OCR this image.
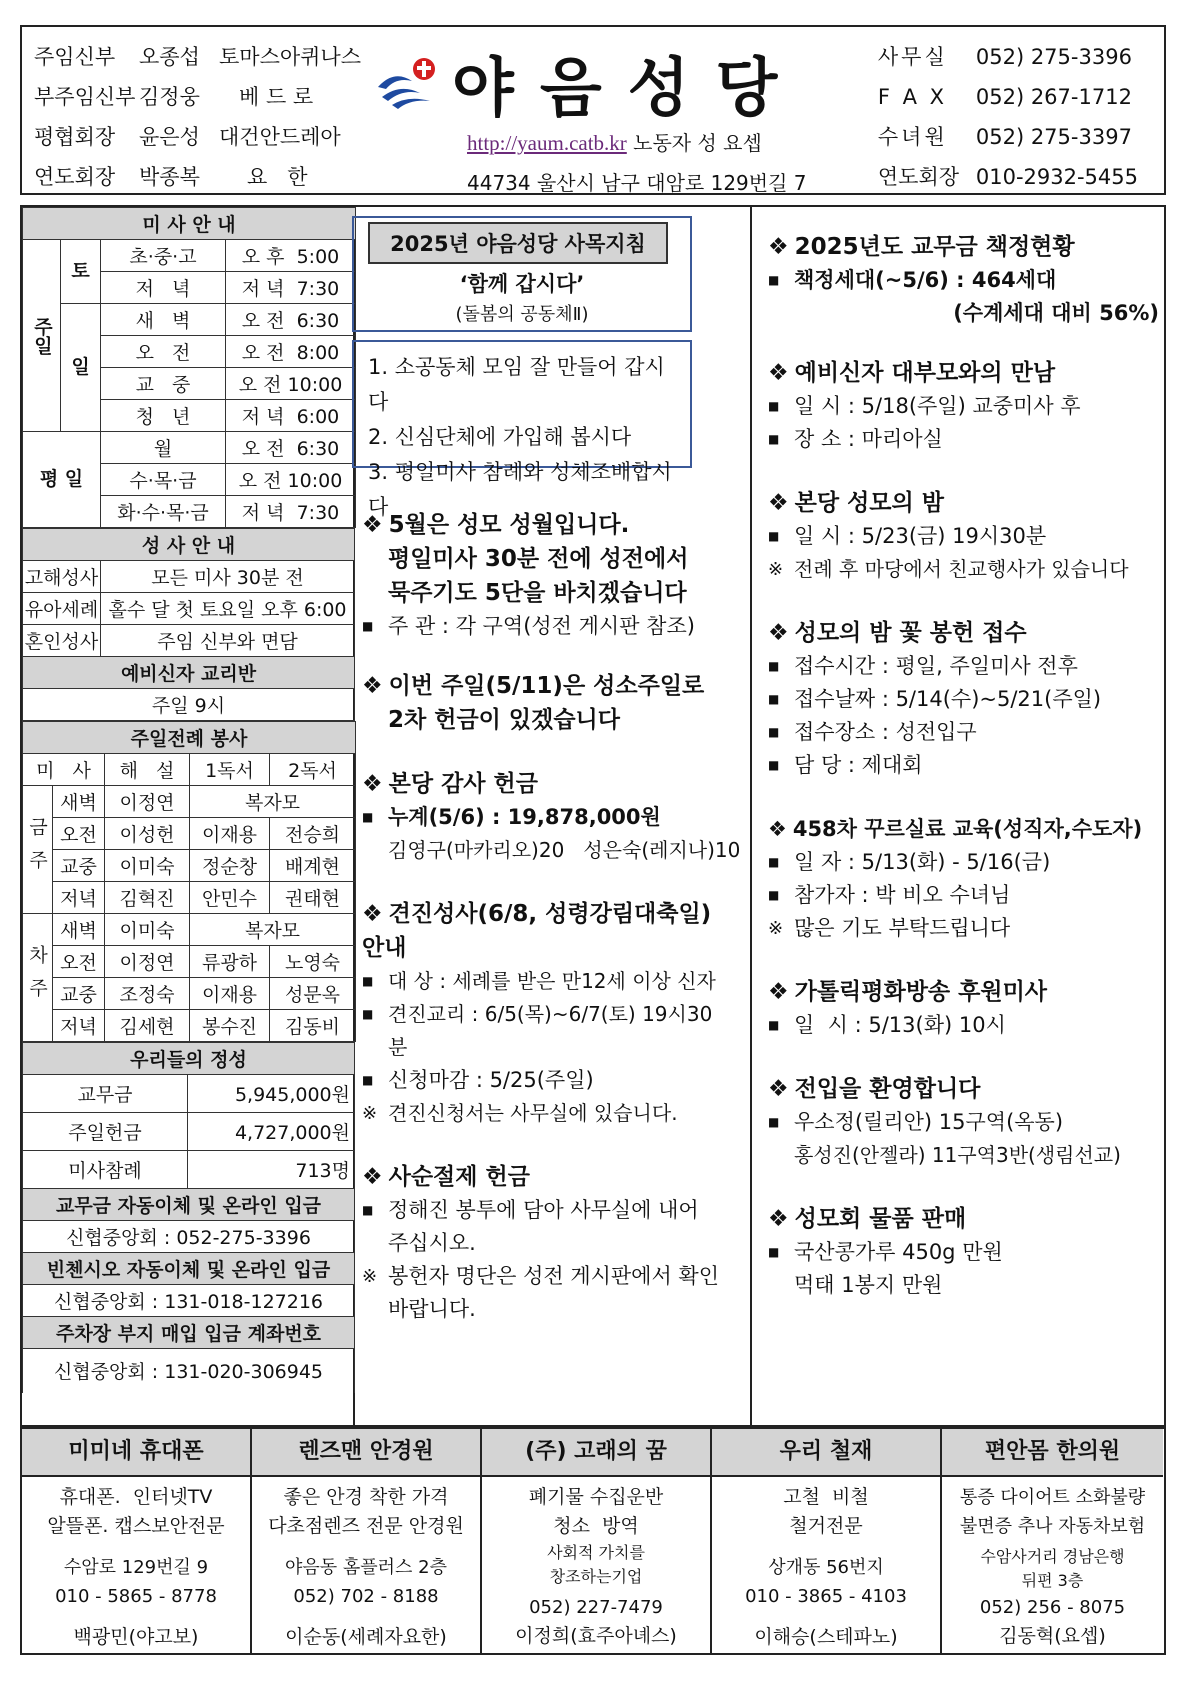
주임신부 오종섭 토마스아퀴나스
부주임신부 김정웅 베 드 로
평협회장 윤은성 대건안드레아
연도회장 박종복 요   한
야음성당
http://yaum.catb.kr 노동자 성 요셉
44734 울산시 남구 대암로 129번길 7
사무실	052) 275-3396
F A X	052) 267-1712
수녀원	052) 275-3397
연도회장 010-2932-5455
미 사 안 내			

주일	토	초·중·고	오 후  5:00
		저   녁	저 녁  7:30
	일	새   벽	오 전  6:30
		오   전	오 전  8:00
		교   중	오 전 10:00
		청   년	저 녁  6:00
평 일		월	오 전  6:30
		수·목·금	오 전 10:00
		화·수·목·금	저 녁  7:30
성 사 안 내	
고해성사	모든 미사 30분 전
유아세례	홀수 달 첫 토요일 오후 6:00
혼인성사	주임 신부와 면담
예비신자 교리반	
주일 9시	
주일전례 봉사				
미   사		해   설	1독서	2독서

금주	새벽	이정연	복자모	
	오전	이성헌	이재용	전승희
	교중	이미숙	정순창	배계현
	저녁	김혁진	안민수	권태현

차주	새벽	이미숙	복자모	
	오전	이정연	류광하	노영숙
	교중	조정숙	이재용	성문옥
	저녁	김세현	봉수진	김동비
우리들의 정성	
교무금	5,945,000원
주일헌금	4,727,000원
미사참례	713명
교무금 자동이체 및 온라인 입금	
신협중앙회 : 052-275-3396	
빈첸시오 자동이체 및 온라인 입금	
신협중앙회 : 131-018-127216	
주차장 부지 매입 입금 계좌번호	
신협중앙회 : 131-020-306945	
‘함께 갑시다’
(돌봄의 공동체Ⅱ)
2025년 야음성당 사목지침
1. 소공동체 모임 잘 만들어 갑시다
2. 신심단체에 가입해 봅시다
3. 평일미사 참례와 성체조배합시다
❖ 5월은 성모 성월입니다.
평일미사 30분 전에 성전에서
묵주기도 5단을 바치겠습니다
■ 주 관 : 각 구역(성전 게시판 참조)
❖ 이번 주일(5/11)은 성소주일로
2차 헌금이 있겠습니다
❖ 본당 감사 헌금
■ 누계(5/6) : 19,878,000원
김영구(마카리오)20   성은숙(레지나)10
❖ 견진성사(6/8, 성령강림대축일) 안내
■ 대 상 : 세례를 받은 만12세 이상 신자
■ 견진교리 : 6/5(목)~6/7(토) 19시30분
■ 신청마감 : 5/25(주일)
※ 견진신청서는 사무실에 있습니다.
❖ 사순절제 헌금
■ 정해진 봉투에 담아 사무실에 내어
주십시오.
※ 봉헌자 명단은 성전 게시판에서 확인
바랍니다.
❖ 2025년도 교무금 책정현황
■ 책정세대(~5/6) : 464세대
(수계세대 대비 56%)
❖ 예비신자 대부모와의 만남
■ 일 시 : 5/18(주일) 교중미사 후
■ 장 소 : 마리아실
❖ 본당 성모의 밤
■ 일 시 : 5/23(금) 19시30분
※ 전례 후 마당에서 친교행사가 있습니다
❖ 성모의 밤 꽃 봉헌 접수
■ 접수시간 : 평일, 주일미사 전후
■ 접수날짜 : 5/14(수)~5/21(주일)
■ 접수장소 : 성전입구
■ 담 당 : 제대회
❖ 458차 꾸르실료 교육(성직자,수도자)
■ 일 자 : 5/13(화) - 5/16(금)
■ 참가자 : 박 비오 수녀님
※ 많은 기도 부탁드립니다
❖ 가톨릭평화방송 후원미사
■ 일  시 : 5/13(화) 10시
❖ 전입을 환영합니다
■ 우소정(릴리안) 15구역(옥동)
홍성진(안젤라) 11구역3반(생림선교)
❖ 성모회 물품 판매
■ 국산콩가루 450g 만원
먹태 1봉지 만원
미미네 휴대폰
휴대폰.  인터넷TV
알뜰폰. 캡스보안전문
수암로 129번길 9
010 - 5865 - 8778
백광민(야고보)
렌즈맨 안경원
좋은 안경 착한 가격
다초점렌즈 전문 안경원
야음동 홈플러스 2층
052) 702 - 8188
이순동(세례자요한)
(주) 고래의 꿈
폐기물 수집운반
청소  방역
사회적 가치를
창조하는기업
052) 227-7479
이정희(효주아녜스)
우리 철재
고철  비철
철거전문
상개동 56번지
010 - 3865 - 4103
이해승(스테파노)
편안몸 한의원
통증 다이어트 소화불량
불면증 추나 자동차보험
수암사거리 경남은행
뒤편 3층
052) 256 - 8075
김동혁(요셉)
